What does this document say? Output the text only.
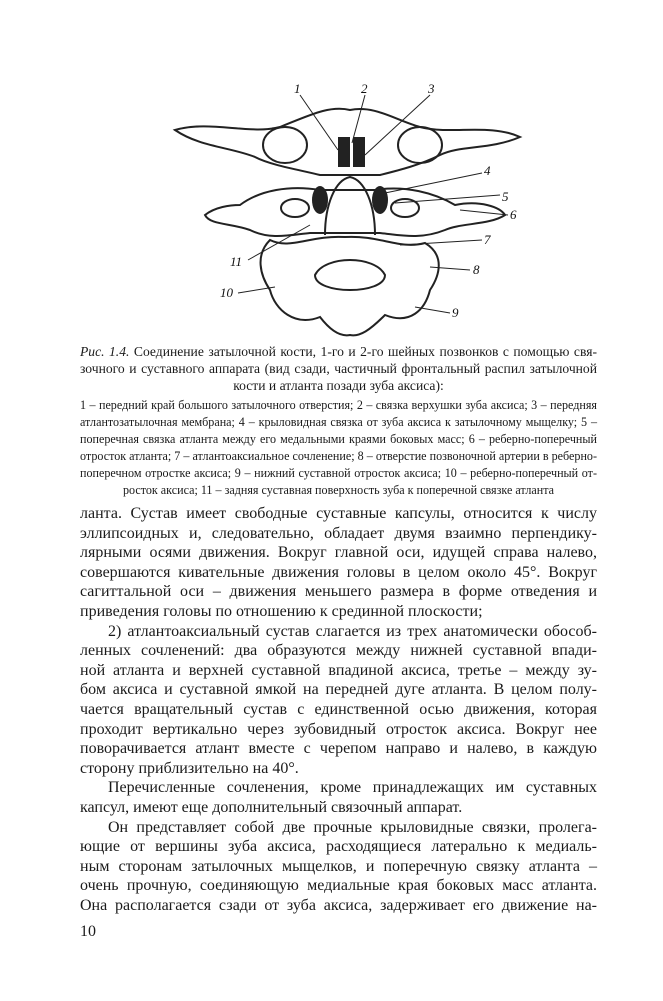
1	2	3
4
5
6
7
8
9
10
11
Рис. 1.4. Соединение затылочной кости, 1-го и 2-го шейных позвонков с помощью свя-
зочного и суставного аппарата (вид сзади, частичный фронтальный распил затылочной
кости и атланта позади зуба аксиса):
1 – передний край большого затылочного отверстия; 2 – связка верхушки зуба аксиса; 3 – передняя
атлантозатылочная мембрана; 4 – крыловидная связка от зуба аксиса к затылочному мыщелку; 5 –
поперечная связка атланта между его медальными краями боковых масс; 6 – реберно-поперечный
отросток атланта; 7 – атлантоаксиальное сочленение; 8 – отверстие позвоночной артерии в реберно-
поперечном отростке аксиса; 9 – нижний суставной отросток аксиса; 10 – реберно-поперечный от-
росток аксиса; 11 – задняя суставная поверхность зуба к поперечной связке атланта
ланта. Сустав имеет свободные суставные капсулы, относится к числу
эллипсоидных и, следовательно, обладает двумя взаимно перпендику-
лярными осями движения. Вокруг главной оси, идущей справа налево,
совершаются кивательные движения головы в целом около 45°. Вокруг
сагиттальной оси – движения меньшего размера в форме отведения и
приведения головы по отношению к срединной плоскости;
2) атлантоаксиальный сустав слагается из трех анатомически обособ-
ленных сочленений: два образуются между нижней суставной впади-
ной атланта и верхней суставной впадиной аксиса, третье – между зу-
бом аксиса и суставной ямкой на передней дуге атланта. В целом полу-
чается вращательный сустав с единственной осью движения, которая
проходит вертикально через зубовидный отросток аксиса. Вокруг нее
поворачивается атлант вместе с черепом направо и налево, в каждую
сторону приблизительно на 40°.
Перечисленные сочленения, кроме принадлежащих им суставных
капсул, имеют еще дополнительный связочный аппарат.
Он представляет собой две прочные крыловидные связки, пролега-
ющие от вершины зуба аксиса, расходящиеся латерально к медиаль-
ным сторонам затылочных мыщелков, и поперечную связку атланта –
очень прочную, соединяющую медиальные края боковых масс атланта.
Она располагается сзади от зуба аксиса, задерживает его движение на-
10
